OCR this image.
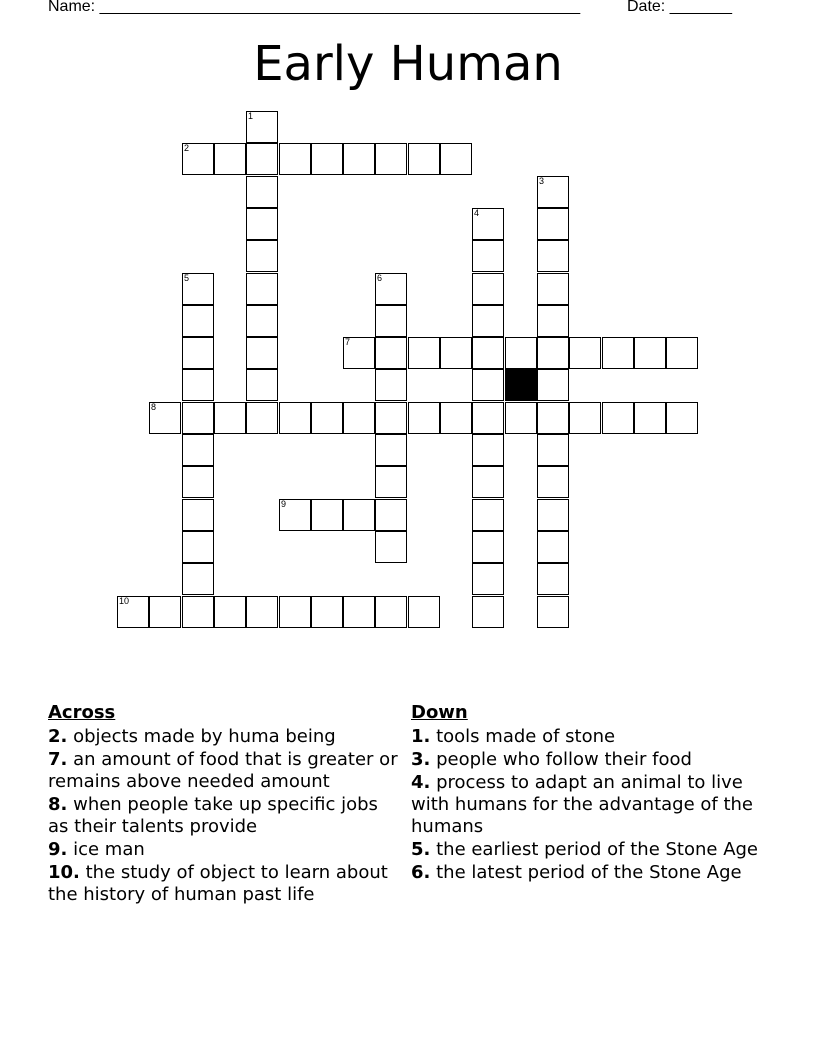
Name: ______________________________________________________	Date: _______
Early Human
1
2
3
4
5	6
7
8
9
10
Across
2. objects made by huma being
7. an amount of food that is greater or remains above needed amount
8. when people take up specific jobs as their talents provide
9. ice man
10. the study of object to learn about the history of human past life
Down
1. tools made of stone
3. people who follow their food
4. process to adapt an animal to live with humans for the advantage of the humans
5. the earliest period of the Stone Age
6. the latest period of the Stone Age
